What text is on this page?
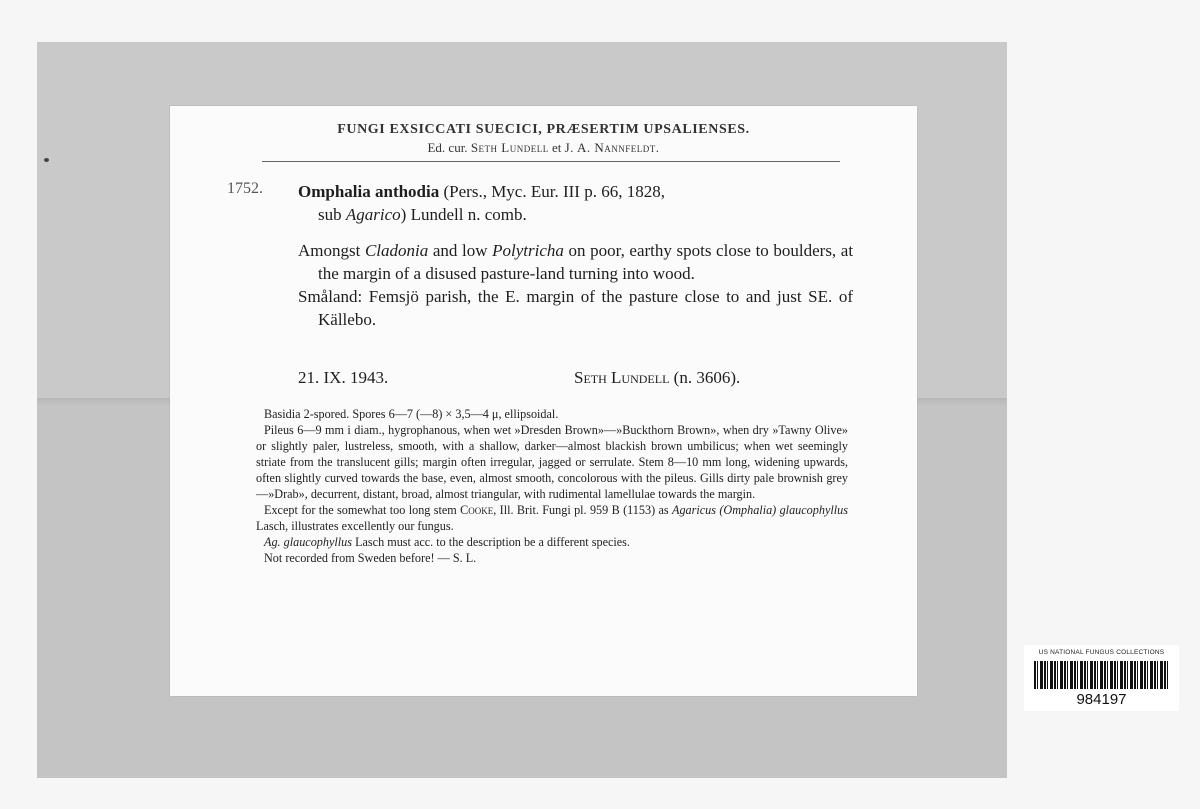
FUNGI EXSICCATI SUECICI, PRÆSERTIM UPSALIENSES.
Ed. cur. Seth Lundell et J. A. Nannfeldt.
1752. Omphalia anthodia (Pers., Myc. Eur. III p. 66, 1828,
sub Agarico) Lundell n. comb.

Amongst Cladonia and low Polytricha on poor, earthy spots close to boulders, at the margin of a disused pasture-land turning into wood.

Småland: Femsjö parish, the E. margin of the pasture close to and just SE. of Källebo.

21. IX. 1943.	Seth Lundell (n. 3606).

Basidia 2-spored. Spores 6—7 (—8) × 3,5—4 μ, ellipsoidal.

Pileus 6—9 mm i diam., hygrophanous, when wet »Dresden Brown»—»Buckthorn Brown», when dry »Tawny Olive» or slightly paler, lustreless, smooth, with a shallow, darker—almost blackish brown umbilicus; when wet seemingly striate from the translucent gills; margin often irregular, jagged or serrulate. Stem 8—10 mm long, widening upwards, often slightly curved towards the base, even, almost smooth, concolorous with the pileus. Gills dirty pale brownish grey—»Drab», decurrent, distant, broad, almost triangular, with rudimental lamellulae towards the margin.

Except for the somewhat too long stem Cooke, Ill. Brit. Fungi pl. 959 B (1153) as Agaricus (Omphalia) glaucophyllus Lasch, illustrates excellently our fungus.

Ag. glaucophyllus Lasch must acc. to the description be a different species.

Not recorded from Sweden before! — S. L.

US NATIONAL FUNGUS COLLECTIONS
984197
